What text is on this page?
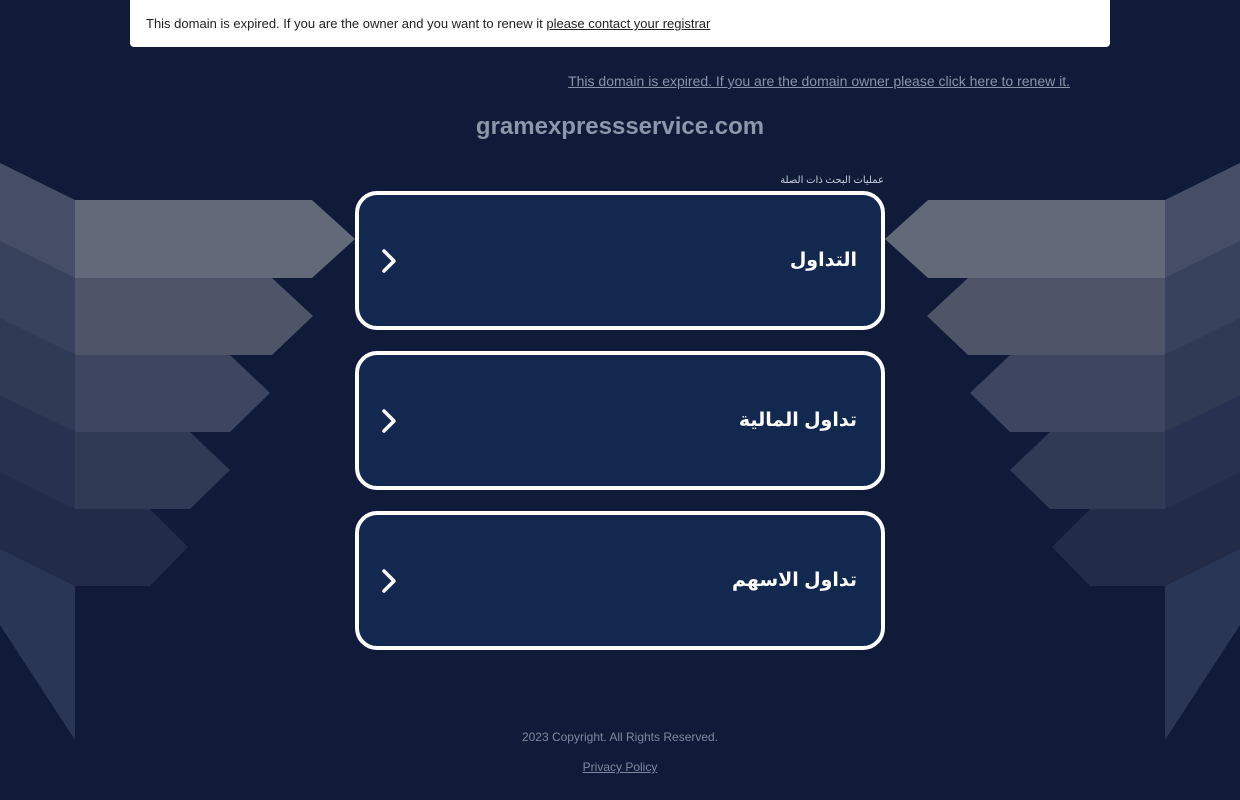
This domain is expired. If you are the owner and you want to renew it please contact your registrar
This domain is expired. If you are the domain owner please click here to renew it.
gramexpressservice.com
عمليات البحث ذات الصلة
التداول
تداول المالية
تداول الاسهم
2023 Copyright. All Rights Reserved.
Privacy Policy
